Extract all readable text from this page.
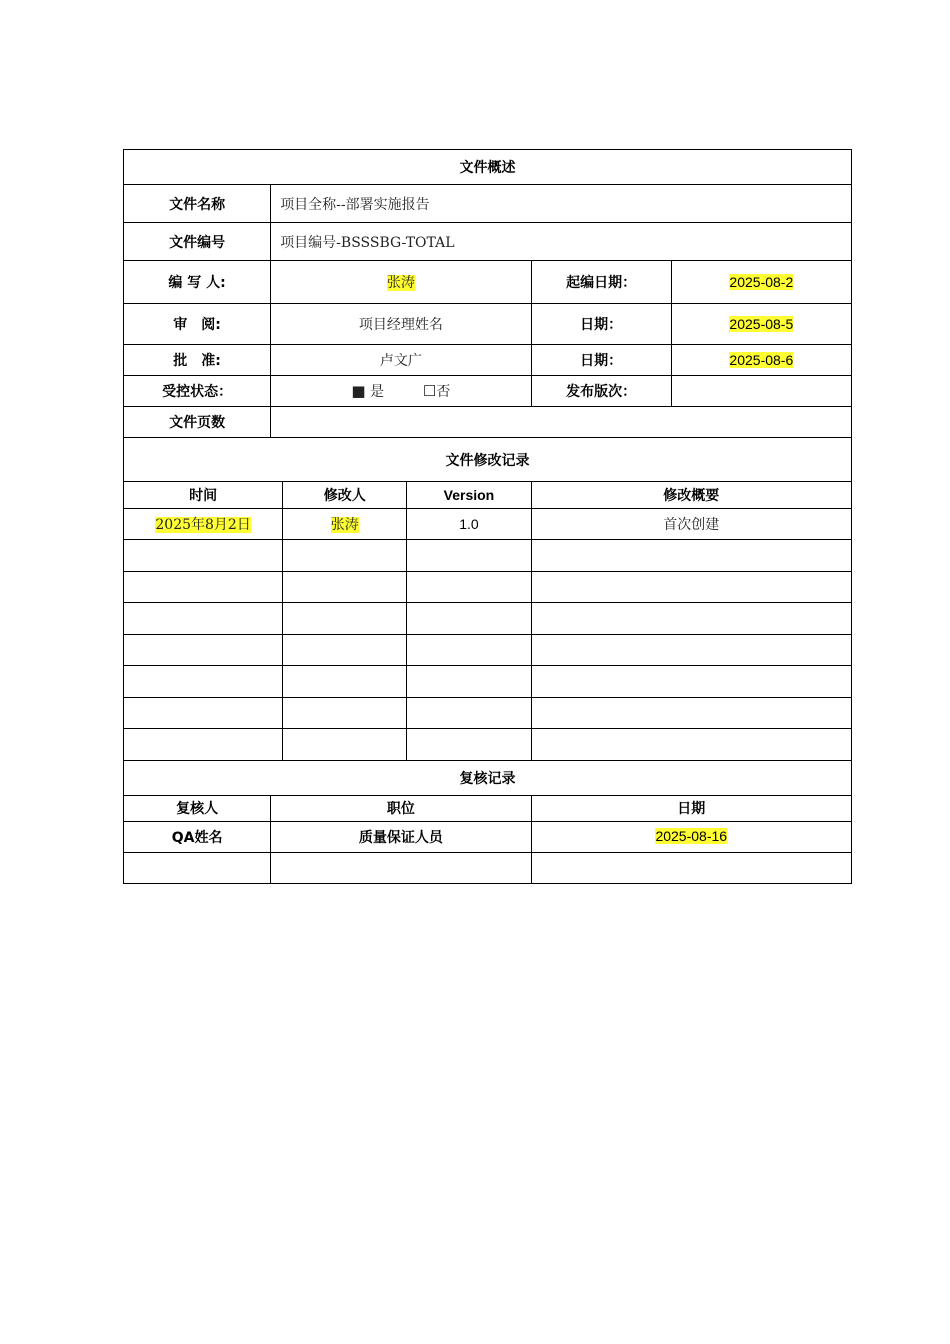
文件概述					
文件名称	项目全称--部署实施报告				
文件编号	项目编号-BSSSBG-TOTAL				
编 写 人:	张涛			起编日期：	2025-08-2
审　阅:	项目经理姓名			日期：	2025-08-5
批　准:	卢文广			日期：	2025-08-6
受控状态：	■ 是 ☐否			发布版次：	
文件页数					
文件修改记录					
时间		修改人	Version	修改概要	
2025年8月2日		张涛	1.0	首次创建	

复核记录					
复核人	职位			日期	
QA姓名	质量保证人员			2025-08-16	
